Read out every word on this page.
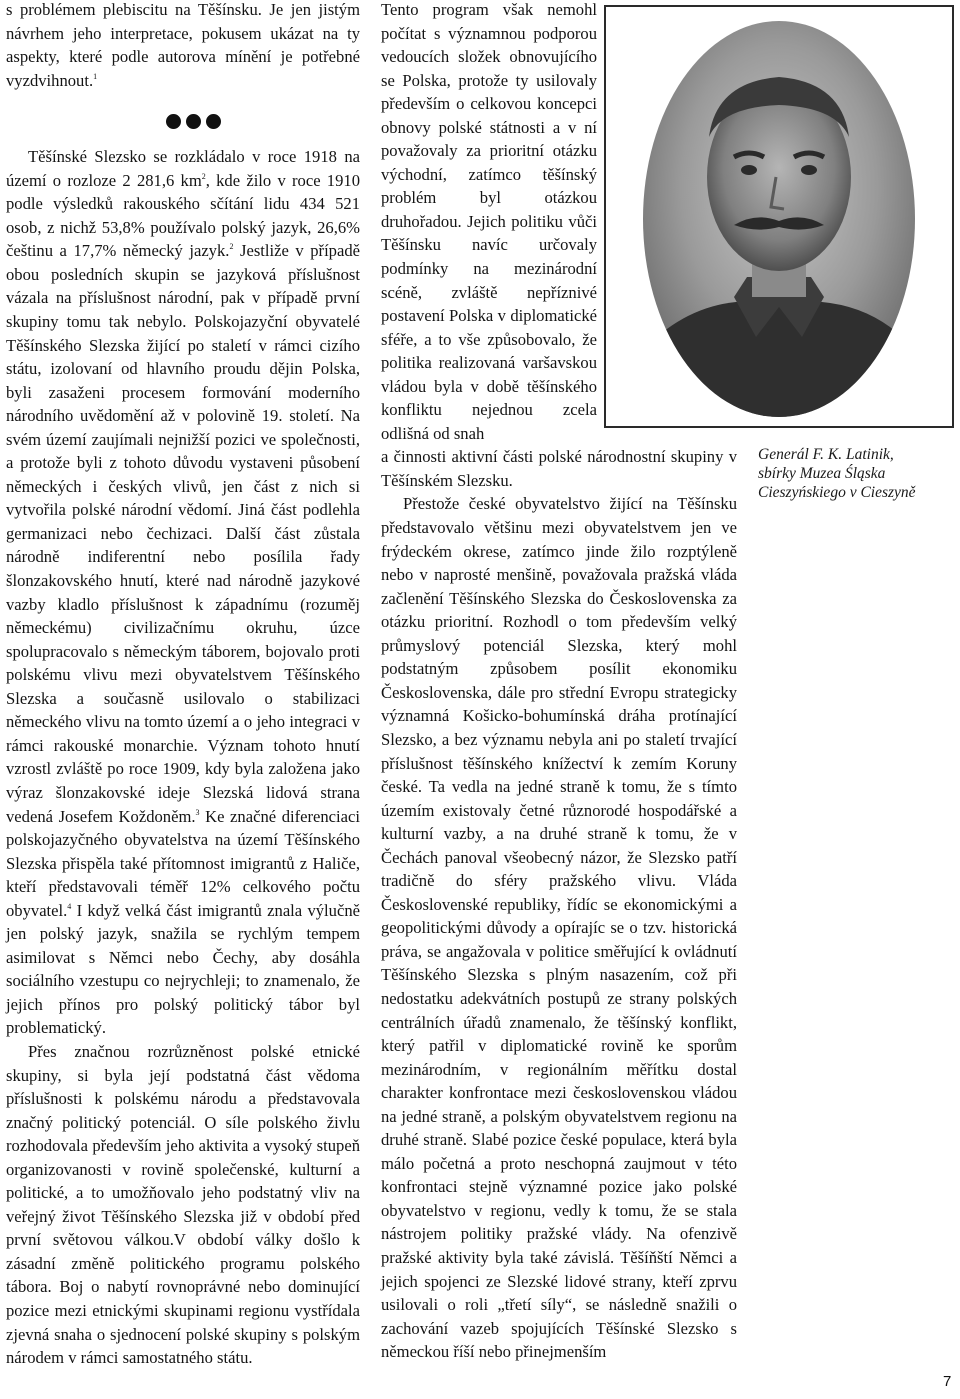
s problémem plebiscitu na Těšínsku. Je jen jistým návrhem jeho interpretace, pokusem ukázat na ty aspekty, které podle autorova mínění je potřebné vyzdvihnout.$^1$

Těšínské Slezsko se rozkládalo v roce 1918 na území o rozloze 2 281,6 $km^2$, kde žilo v roce 1910 podle výsledků rakouského sčítání lidu 434 521 osob, z nichž 53,8% používalo polský jazyk, 26,6% češtinu a 17,7% německý jazyk.$^2$ Jestliže v případě obou posledních skupin se jazyková příslušnost vázala na příslušnost národní, pak v případě první skupiny tomu tak nebylo. Polskojazyční obyvatelé Těšínského Slezska žijící po staletí v rámci cizího státu, izolovaní od hlavního proudu dějin Polska, byli zasaženi procesem formování moderního národního uvědomění až v polovině 19. století. Na svém území zaujímali nejnižší pozici ve společnosti, a protože byli z tohoto důvodu vystaveni působení německých i českých vlivů, jen část z nich si vytvořila polské národní vědomí. Jiná část podlehla germanizaci nebo čechizaci. Další část zůstala národně indiferentní nebo posílila řady šlonzakovského hnutí, které nad národně jazykové vazby kladlo příslušnost k západnímu (rozuměj německému) civilizačnímu okruhu, úzce spolupracovalo s německým táborem, bojovalo proti polskému vlivu mezi obyvatelstvem Těšínského Slezska a současně usilovalo o stabilizaci německého vlivu na tomto území a o jeho integraci v rámci rakouské monarchie. Význam tohoto hnutí vzrostl zvláště po roce 1909, kdy byla založena jako výraz šlonzakovské ideje Slezská lidová strana vedená Josefem Koždoněm.$^3$ Ke značné diferenciaci polskojazyčného obyvatelstva na území Těšínského Slezska přispěla také přítomnost imigrantů z Haliče, kteří představovali téměř 12% celkového počtu obyvatel.$^4$ I když velká část imigrantů znala výlučně jen polský jazyk, snažila se rychlým tempem asimilovat s Němci nebo Čechy, aby dosáhla sociálního vzestupu co nejrychleji; to znamenalo, že jejich přínos pro polský politický tábor byl problematický.

Přes značnou rozrůzněnost polské etnické skupiny, si byla její podstatná část vědoma příslušnosti k polskému národu a představovala značný politický potenciál. O síle polského živlu rozhodovala především jeho aktivita a vysoký stupeň organizovanosti v rovině společenské, kulturní a politické, a to umožňovalo jeho podstatný vliv na veřejný život Těšínského Slezska již v období před první světovou válkou.V období války došlo k zásadní změně politického programu polského tábora. Boj o nabytí rovnoprávné nebo dominující pozice mezi etnickými skupinami regionu vystřídala zjevná snaha o sjednocení polské skupiny s polským národem v rámci samostatného státu.

Tento program však nemohl počítat s významnou podporou vedoucích složek obnovujícího se Polska, protože ty usilovaly především o celkovou koncepci obnovy polské státnosti a v ní považovaly za prioritní otázku východní, zatímco těšínský problém byl otázkou druhořadou. Jejich politiku vůči Těšínsku navíc určovaly podmínky na mezinárodní scéně, zvláště nepříznivé postavení Polska v diplomatické sféře, a to vše způsobovalo, že politika realizovaná varšavskou vládou byla v době těšínského konfliktu nejednou zcela odlišná od snah

a činnosti aktivní části polské národnostní skupiny v Těšínském Slezsku.

Přestože české obyvatelstvo žijící na Těšínsku představovalo většinu mezi obyvatelstvem jen ve frýdeckém okrese, zatímco jinde žilo rozptýleně nebo v naprosté menšině, považovala pražská vláda začlenění Těšínského Slezska do Československa za otázku prioritní. Rozhodl o tom především velký průmyslový potenciál Slezska, který mohl podstatným způsobem posílit ekonomiku Československa, dále pro střední Evropu strategicky významná Košicko-bohumínská dráha protínající Slezsko, a bez významu nebyla ani po staletí trvající příslušnost těšínského knížectví k zemím Koruny české. Ta vedla na jedné straně k tomu, že s tímto územím existovaly četné různorodé hospodářské a kulturní vazby, a na druhé straně k tomu, že v Čechách panoval všeobecný názor, že Slezsko patří tradičně do sféry pražského vlivu. Vláda Československé republiky, řídíc se ekonomickými a geopolitickými důvody a opírajíc se o tzv. historická práva, se angažovala v politice směřující k ovládnutí Těšínského Slezska s plným nasazením, což při nedostatku adekvátních postupů ze strany polských centrálních úřadů znamenalo, že těšínský konflikt, který patřil v diplomatické rovině ke sporům mezinárodním, v regionálním měřítku dostal charakter konfrontace mezi československou vládou na jedné straně, a polským obyvatelstvem regionu na druhé straně. Slabé pozice české populace, která byla málo početná a proto neschopná zaujmout v této konfrontaci stejně významné pozice jako polské obyvatelstvo v regionu, vedly k tomu, že se stala nástrojem politiky pražské vlády. Na ofenzivě pražské aktivity byla také závislá. Těšíňští Němci a jejich spojenci ze Slezské lidové strany, kteří zprvu usilovali o roli „třetí síly“, se následně snažili o zachování vazeb spojujících Těšínské Slezsko s německou říší nebo přinejmenším

Generál F. K. Latinik,
sbírky Muzea Śląska
Cieszyńskiego v Cieszyně
7
